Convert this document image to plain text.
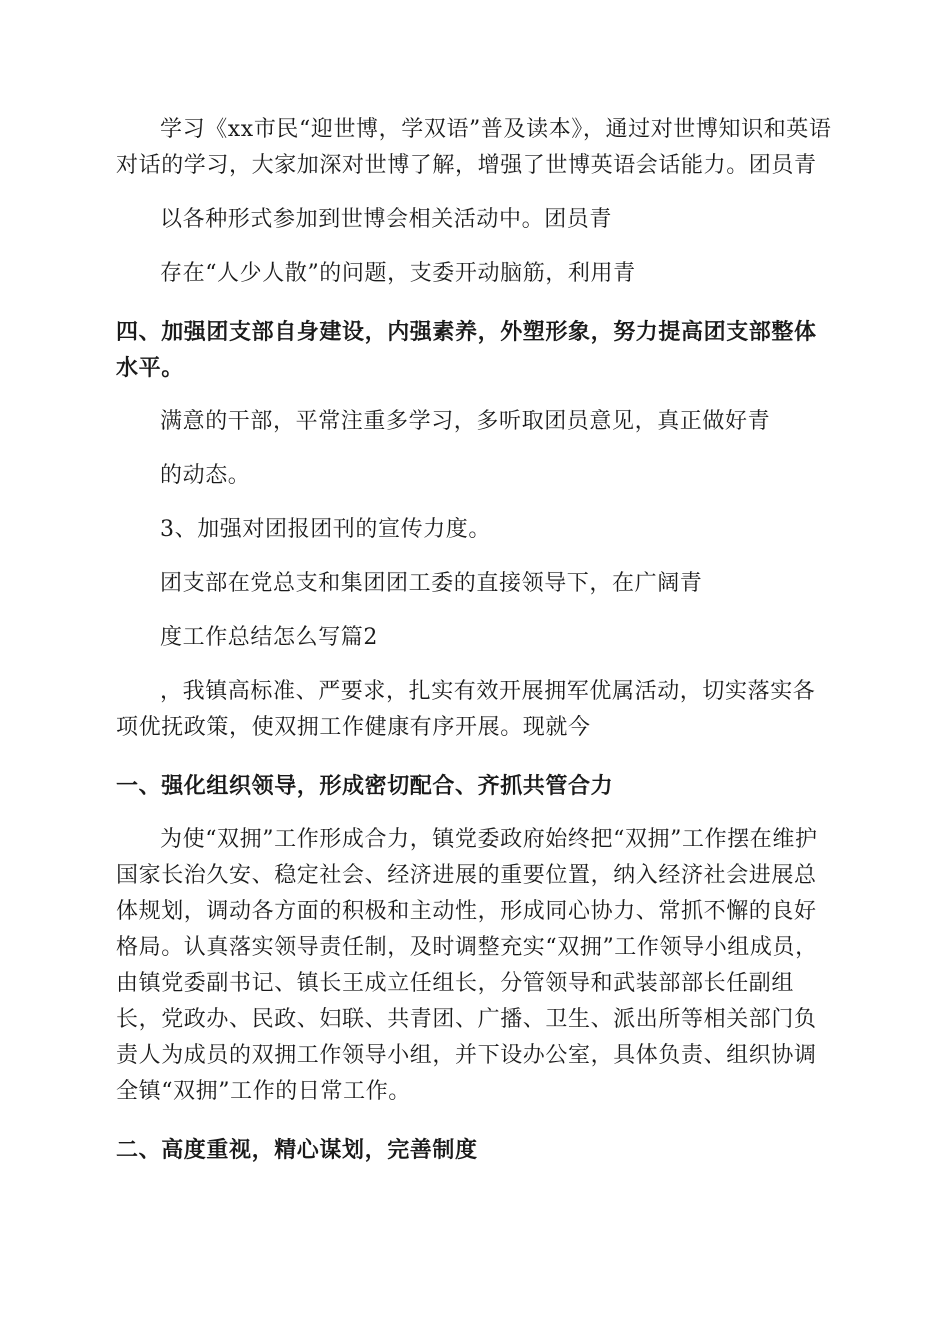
学习《xx市民“迎世博，学双语”普及读本》，通过对世博知识和英语对话的学习，大家加深对世博了解，增强了世博英语会话能力。团员青

以各种形式参加到世博会相关活动中。团员青

存在“人少人散”的问题，支委开动脑筋，利用青

四、加强团支部自身建设，内强素养，外塑形象，努力提高团支部整体水平。

满意的干部，平常注重多学习，多听取团员意见，真正做好青

的动态。

3、加强对团报团刊的宣传力度。

团支部在党总支和集团团工委的直接领导下，在广阔青

度工作总结怎么写篇2

，我镇高标准、严要求，扎实有效开展拥军优属活动，切实落实各项优抚政策，使双拥工作健康有序开展。现就今

一、强化组织领导，形成密切配合、齐抓共管合力

为使“双拥”工作形成合力，镇党委政府始终把“双拥”工作摆在维护国家长治久安、稳定社会、经济进展的重要位置，纳入经济社会进展总体规划，调动各方面的积极和主动性，形成同心协力、常抓不懈的良好格局。认真落实领导责任制，及时调整充实“双拥”工作领导小组成员，由镇党委副书记、镇长王成立任组长，分管领导和武装部部长任副组长，党政办、民政、妇联、共青团、广播、卫生、派出所等相关部门负责人为成员的双拥工作领导小组，并下设办公室，具体负责、组织协调全镇“双拥”工作的日常工作。

二、高度重视，精心谋划，完善制度
